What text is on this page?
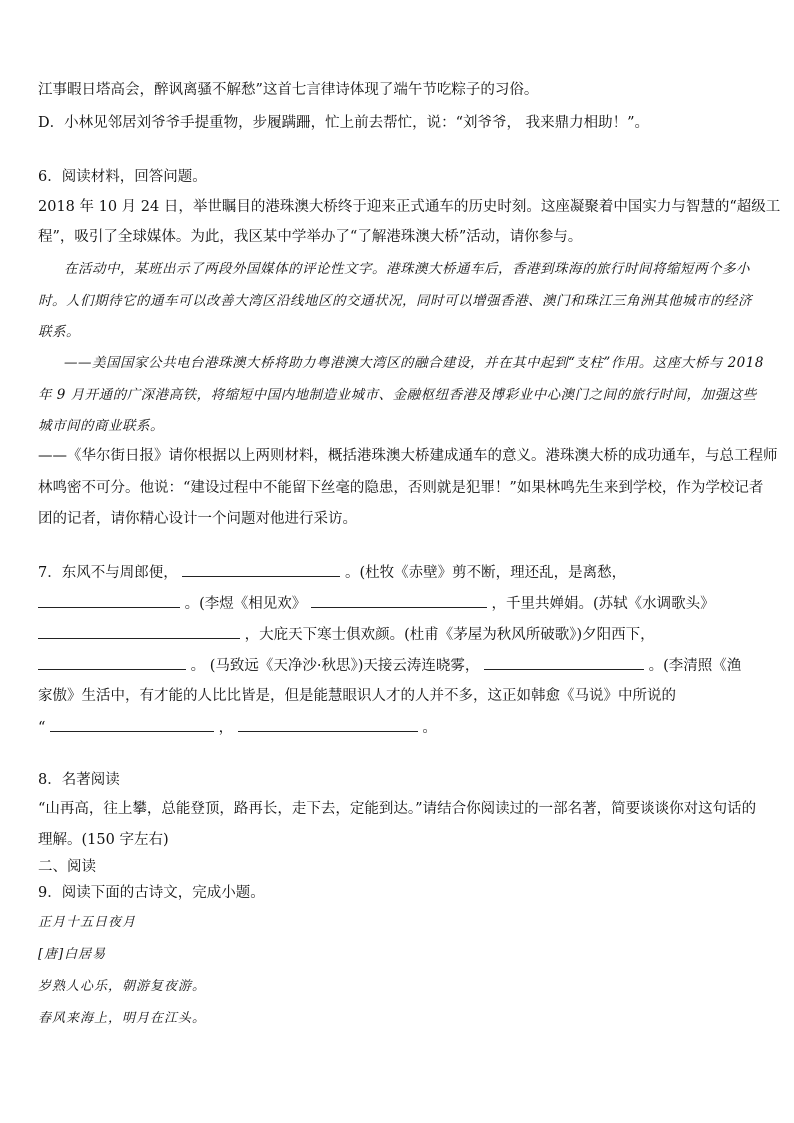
江事暇日塔高会，醉讽离骚不解愁”这首七言律诗体现了端午节吃粽子的习俗。
D．小林见邻居刘爷爷手提重物，步履蹒跚，忙上前去帮忙，说：“刘爷爷， 我来鼎力相助！”。
6．阅读材料，回答问题。
2018 年 10 月 24 日，举世瞩目的港珠澳大桥终于迎来正式通车的历史时刻。这座凝聚着中国实力与智慧的“超级工
程”，吸引了全球媒体。为此，我区某中学举办了“了解港珠澳大桥”活动，请你参与。
在活动中，某班出示了两段外国媒体的评论性文字。港珠澳大桥通车后，香港到珠海的旅行时间将缩短两个多小
时。人们期待它的通车可以改善大湾区沿线地区的交通状况，同时可以增强香港、澳门和珠江三角洲其他城市的经济
联系。
——美国国家公共电台港珠澳大桥将助力粤港澳大湾区的融合建设，并在其中起到“支柱”作用。这座大桥与 2018
年 9 月开通的广深港高铁，将缩短中国内地制造业城市、金融枢纽香港及博彩业中心澳门之间的旅行时间，加强这些
城市间的商业联系。
——《华尔街日报》请你根据以上两则材料，概括港珠澳大桥建成通车的意义。港珠澳大桥的成功通车，与总工程师
林鸣密不可分。他说：“建设过程中不能留下丝毫的隐患，否则就是犯罪！”如果林鸣先生来到学校，作为学校记者
团的记者，请你精心设计一个问题对他进行采访。
7．东风不与周郎便，	。(杜牧《赤壁》剪不断，理还乱，是离愁，
。(李煜《相见欢》	，千里共婵娟。(苏轼《水调歌头》
，大庇天下寒士俱欢颜。(杜甫《茅屋为秋风所破歌》)夕阳西下，
。 (马致远《天净沙·秋思》)天接云涛连晓雾，	。(李清照《渔
家傲》生活中，有才能的人比比皆是，但是能慧眼识人才的人并不多，这正如韩愈《马说》中所说的
“	，	。
8．名著阅读
“山再高，往上攀，总能登顶，路再长，走下去，定能到达。”请结合你阅读过的一部名著，简要谈谈你对这句话的
理解。(150 字左右)
二、阅读
9．阅读下面的古诗文，完成小题。
正月十五日夜月
[唐]白居易
岁熟人心乐，朝游复夜游。
春风来海上，明月在江头。
